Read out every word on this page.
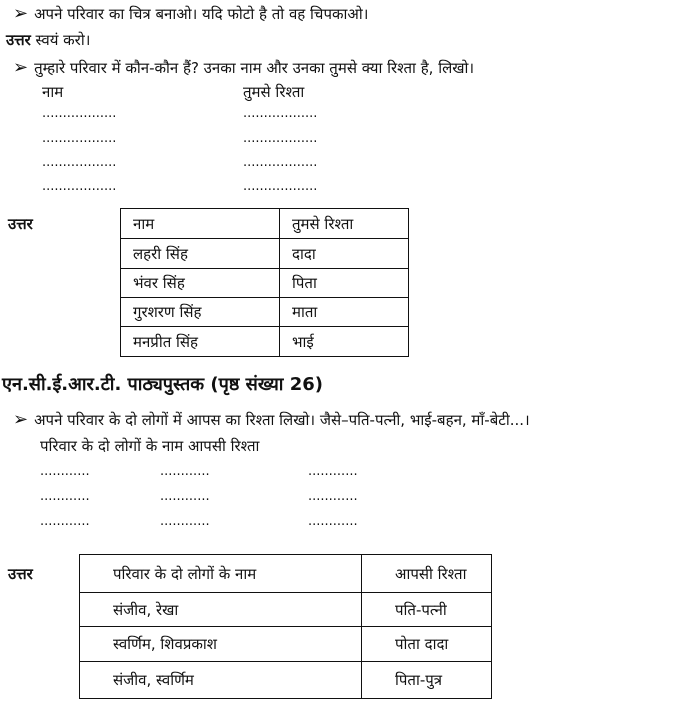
➢ अपने परिवार का चित्र बनाओ। यदि फोटो है तो वह चिपकाओ।
उत्तर स्वयं करो।
➢ तुम्हारे परिवार में कौन-कौन हैं? उनका नाम और उनका तुमसे क्या रिश्ता है, लिखो।
नाम	तुमसे रिश्ता
..................	..................
..................	..................
..................	..................
..................	..................
उत्तर	नाम	तुमसे रिश्ता
लहरी सिंह	दादा
भंवर सिंह	पिता
गुरशरण सिंह	माता
मनप्रीत सिंह	भाई
एन.सी.ई.आर.टी. पाठ्यपुस्तक (पृष्ठ संख्या 26)
➢ अपने परिवार के दो लोगों में आपस का रिश्ता लिखो। जैसे–पति-पत्नी, भाई-बहन, माँ-बेटी...।
परिवार के दो लोगों के नाम आपसी रिश्ता
............	............	............
............	............	............
............	............	............
उत्तर	परिवार के दो लोगों के नाम	आपसी रिश्ता
संजीव, रेखा	पति-पत्नी
स्वर्णिम, शिवप्रकाश	पोता दादा
संजीव, स्वर्णिम	पिता-पुत्र
